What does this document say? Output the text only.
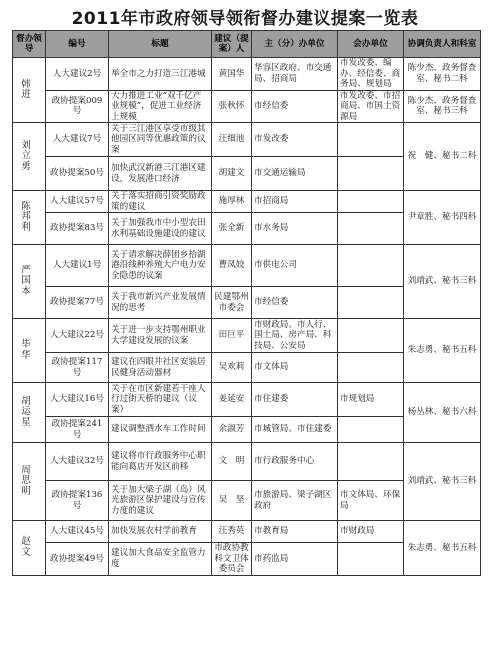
2011年市政府领导领衔督办建议提案一览表
督办领导	编号	标题	建议（提案）人	主（分）办单位	会办单位	协调负责人和科室
韩　进	人大建议2号	举全市之力打造三江港城	黄国华	华容区政府、市交通局、招商局	市发改委、编办、经信委、商务局、规划局	陈少杰、政务督查室、秘书二科
	政协提案009号	大力推进工业“双千亿产业规模”，促进工业经济上规模	张秋怀	市经信委	市发改委、市招商局、市国土资源局	陈少杰、政务督查室、秘书三科
刘立勇	人大建议7号	关于三江港区享受市级其他园区同等优惠政策的议案	汪细池	市发改委		祝　健、秘书二科
	政协提案50号	加快武汉新港三江港区建设，发展港口经济	胡建文	市交通运输局		
陈邦利	人大建议57号	关于落实招商引资奖励政策的建议	施厚林	市招商局		尹章胜、秘书四科
	政协提案83号	关于加强我市中小型农田水利基础设施建设的建议	张全新	市水务局		
严国本	人大建议1号	关于请求解决薛团乡拾湖港沿线种养殖大户电力安全隐患的议案	曹凤姣	市供电公司		刘靖武、秘书三科
	政协提案77号	关于我市新兴产业发展情况的思考	民建鄂州市委会	市经信委		
毕　华	人大建议22号	关于进一步支持鄂州职业大学建设发展的议案	田巨平	市财政局、市人行、国土局、房产局、科技局、公安局		朱志勇、秘书五科
	政协提案117号	建议在四眼井社区安装居民健身活动器材	吴欢莉	市文体局		
胡运星	人大建议16号	关于在市区新建若干座人行过街天桥的建议（议案）	姜延安	市住建委	市规划局	杨丛林、秘书六科
	政协提案241号	建议调整洒水车工作时间	余淑芳	市城管局、市住建委		
周思明	人大建议32号	建议将市行政服务中心职能向葛店开发区前移	文　明	市行政服务中心		刘靖武、秘书三科
	政协提案136号	关于加大梁子湖（岛）风光旅游区保护建设与宣传力度的建议	吴　坚	市旅游局、梁子湖区政府	市文体局、环保局	
赵　文	人大建议45号	加快发展农村学前教育	汪秀英	市教育局	市财政局	朱志勇、秘书五科
	政协提案49号	建议加大食品安全监管力度	市政协教科文卫体委员会	市药监局		
